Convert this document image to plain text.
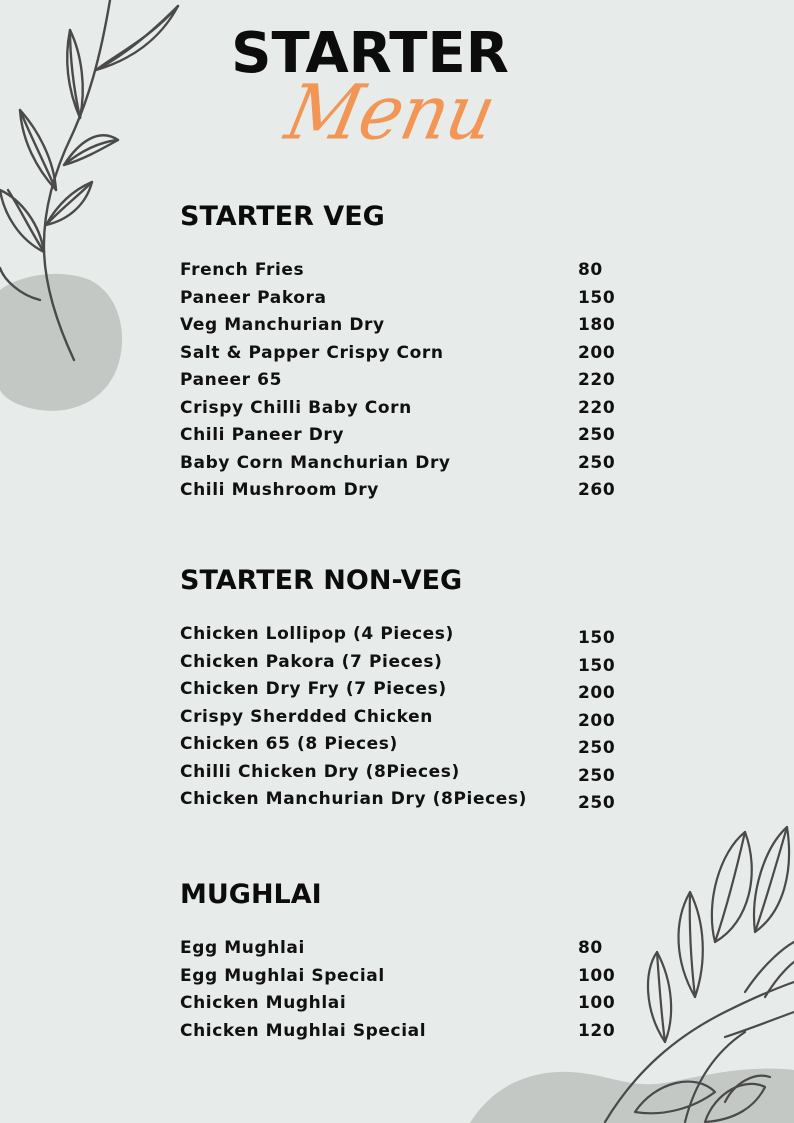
STARTER
Menu
STARTER VEG
French Fries	80
Paneer Pakora	150
Veg Manchurian Dry	180
Salt & Papper Crispy Corn	200
Paneer 65	220
Crispy Chilli Baby Corn	220
Chili Paneer Dry	250
Baby Corn Manchurian Dry	250
Chili Mushroom Dry	260
STARTER NON-VEG
Chicken Lollipop (4 Pieces)	150
Chicken Pakora (7 Pieces)	150
Chicken Dry Fry (7 Pieces)	200
Crispy Sherdded Chicken	200
Chicken 65 (8 Pieces)	250
Chilli Chicken Dry (8Pieces)	250
Chicken Manchurian Dry (8Pieces)	250
MUGHLAI
Egg Mughlai	80
Egg Mughlai Special	100
Chicken Mughlai	100
Chicken Mughlai Special	120
